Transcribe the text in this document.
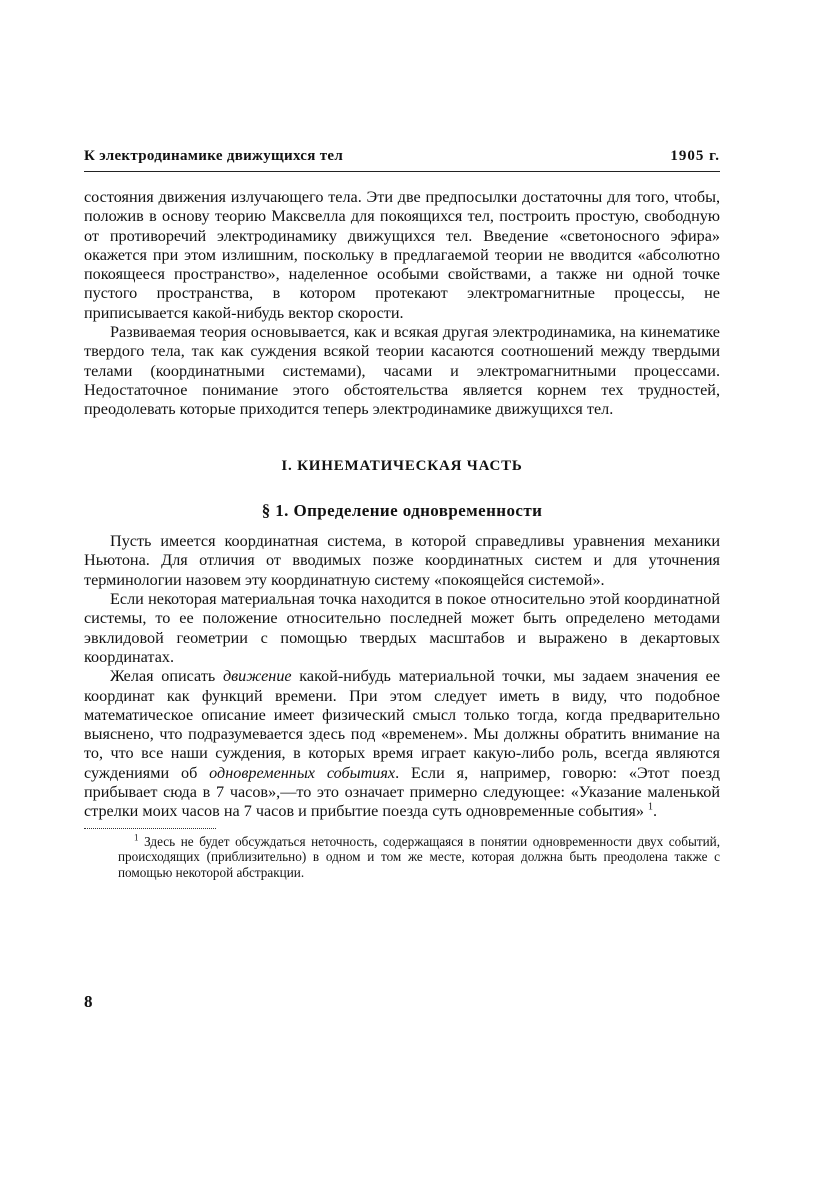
К электродинамике движущихся тел	1905 г.

состояния движения излучающего тела. Эти две предпосылки достаточны для того, чтобы, положив в основу теорию Максвелла для покоящихся тел, построить простую, свободную от противоречий электродинамику движущихся тел. Введение «светоносного эфира» окажется при этом излишним, поскольку в предлагаемой теории не вводится «абсолютно покоящееся пространство», наделенное особыми свойствами, а также ни одной точке пустого пространства, в котором протекают электромагнитные процессы, не приписывается какой-нибудь вектор скорости.

Развиваемая теория основывается, как и всякая другая электродинамика, на кинематике твердого тела, так как суждения всякой теории касаются соотношений между твердыми телами (координатными системами), часами и электромагнитными процессами. Недостаточное понимание этого обстоятельства является корнем тех трудностей, преодолевать которые приходится теперь электродинамике движущихся тел.

I. КИНЕМАТИЧЕСКАЯ ЧАСТЬ
§ 1. Определение одновременности

Пусть имеется координатная система, в которой справедливы уравнения механики Ньютона. Для отличия от вводимых позже координатных систем и для уточнения терминологии назовем эту координатную систему «покоящейся системой».

Если некоторая материальная точка находится в покое относительно этой координатной системы, то ее положение относительно последней может быть определено методами эвклидовой геометрии с помощью твердых масштабов и выражено в декартовых координатах.

Желая описать движение какой-нибудь материальной точки, мы задаем значения ее координат как функций времени. При этом следует иметь в виду, что подобное математическое описание имеет физический смысл только тогда, когда предварительно выяснено, что подразумевается здесь под «временем». Мы должны обратить внимание на то, что все наши суждения, в которых время играет какую-либо роль, всегда являются суждениями об одновременных событиях. Если я, например, говорю: «Этот поезд прибывает сюда в 7 часов»,—то это означает примерно следующее: «Указание маленькой стрелки моих часов на 7 часов и прибытие поезда суть одновременные события» $^1$.

$^1$ Здесь не будет обсуждаться неточность, содержащаяся в понятии одновременности двух событий, происходящих (приблизительно) в одном и том же месте, которая должна быть преодолена также с помощью некоторой абстракции.
8
